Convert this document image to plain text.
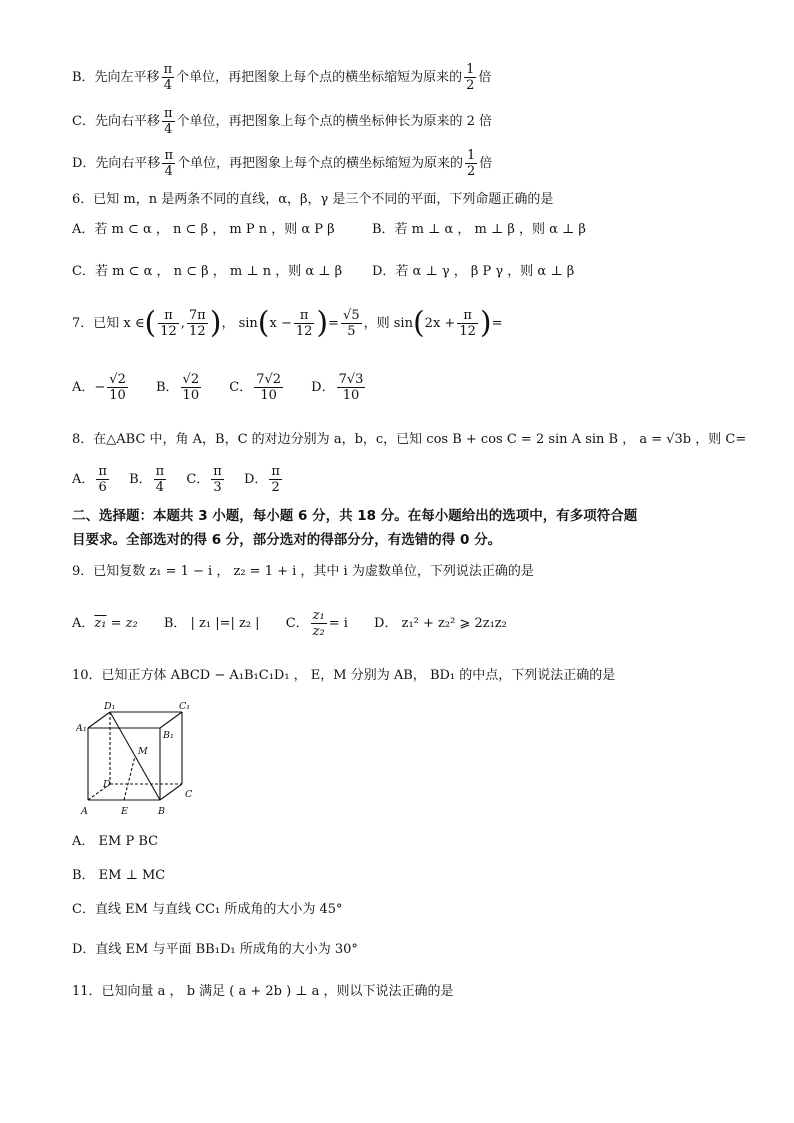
B．先向左平移 $\frac{\pi}{4}$ 个单位，再把图象上每个点的横坐标缩短为原来的 $\frac{1}{2}$ 倍
C．先向右平移 $\frac{\pi}{4}$ 个单位，再把图象上每个点的横坐标伸长为原来的 2 倍
D．先向右平移 $\frac{\pi}{4}$ 个单位，再把图象上每个点的横坐标缩短为原来的 $\frac{1}{2}$ 倍
6．已知 m，n 是两条不同的直线，α，β，γ 是三个不同的平面，下列命题正确的是
A．若 m ⊂ α ， n ⊂ β ， m P n ，则 α P β	B．若 m ⊥ α ， m ⊥ β ，则 α ⊥ β
C．若 m ⊂ α ， n ⊂ β ， m ⊥ n ，则 α ⊥ β D．若 α ⊥ γ ， β P γ ，则 α ⊥ β
7．已知 x ∈( $\frac{\pi}{12}$ , $\frac{7\pi}{12}$ )， $\sin(x - \frac{\pi}{12}$ )= $\frac{√5}{5}$ ，则 $\sin(2x + \frac{\pi}{12}$ )=
A．− $\frac{√2}{10}$ B． $\frac{√2}{10}$ C． $\frac{7√2}{10}$ D． $\frac{7√3}{10}$
8．在△ABC 中，角 A，B，C 的对边分别为 a，b，c，已知 cos B + cos C = 2 sin A sin B ， a = √3b ，则 C=
A． $\frac{\pi}{6}$ B． $\frac{\pi}{4}$ C． $\frac{\pi}{3}$ D． $\frac{\pi}{2}$
二、选择题：本题共 3 小题，每小题 6 分，共 18 分。在每小题给出的选项中，有多项符合题
目要求。全部选对的得 6 分，部分选对的得部分分，有选错的得 0 分。
9．已知复数 z₁ = 1 − i ， z₂ = 1 + i ，其中 i 为虚数单位，下列说法正确的是
A．z₁ = z₂ B． | z₁ |=| z₂ | C． $\frac{\text{z₁}}{\text{z₂}} = i$ D． z₁² + z₂² ⩾ 2z₁z₂
10．已知正方体 ABCD − A₁B₁C₁D₁ ， E，M 分别为 AB， BD₁ 的中点，下列说法正确的是
A₁
D₁	C₁
B₁
M
D
C
A	E	B
A． EM P BC
B． EM ⊥ MC
C．直线 EM 与直线 CC₁ 所成角的大小为 45°
D．直线 EM 与平面 BB₁D₁ 所成角的大小为 30°
11．已知向量 a ， b 满足 ( a + 2b ) ⊥ a ，则以下说法正确的是
